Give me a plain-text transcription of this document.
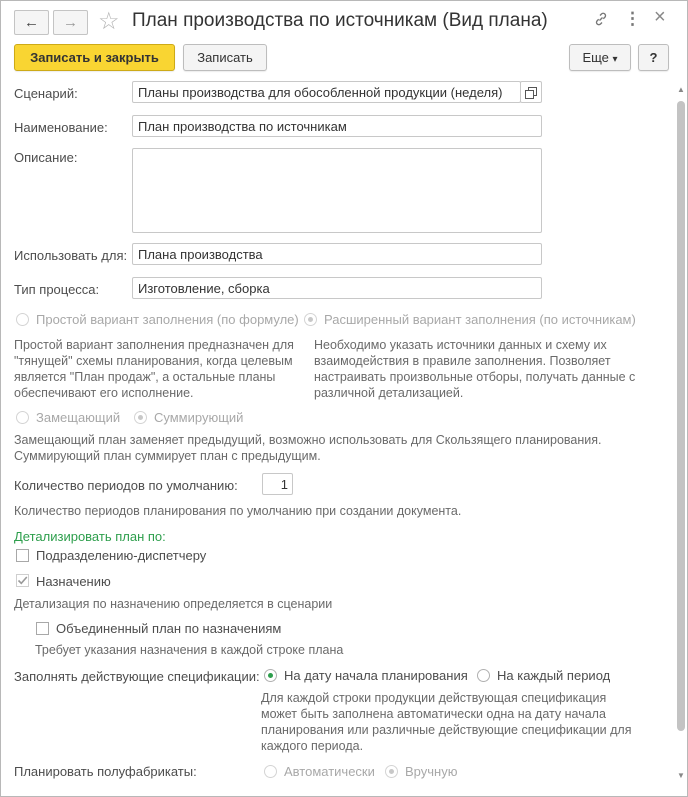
←	→ ☆ План производства по источникам (Вид плана)	⋮ ×
Записать и закрыть	Записать	Еще ▾	?
▲
▼
Сценарий:	Планы производства для обособленной продукции (неделя)
Наименование:	План производства по источникам
Описание:
Использовать для: Плана производства
Тип процесса:	Изготовление, сборка
Простой вариант заполнения (по формуле) Расширенный вариант заполнения (по источникам)
Простой вариант заполнения предназначен для "тянущей" схемы планирования, когда целевым является "План продаж", а остальные планы обеспечивают его исполнение.
Необходимо указать источники данных и схему их взаимодействия в правиле заполнения. Позволяет настраивать произвольные отборы, получать данные с различной детализацией.
Замещающий	Суммирующий
Замещающий план заменяет предыдущий, возможно использовать для Скользящего планирования. Суммирующий план суммирует план с предыдущим.
Количество периодов по умолчанию:	1
Количество периодов планирования по умолчанию при создании документа.
Детализировать план по:
Подразделению-диспетчеру
Назначению
Детализация по назначению определяется в сценарии
Объединенный план по назначениям
Требует указания назначения в каждой строке плана
Заполнять действующие спецификации: На дату начала планирования На каждый период
Для каждой строки продукции действующая спецификация может быть заполнена автоматически одна на дату начала планирования или различные действующие спецификации для каждого периода.
Планировать полуфабрикаты:	Автоматически Вручную
